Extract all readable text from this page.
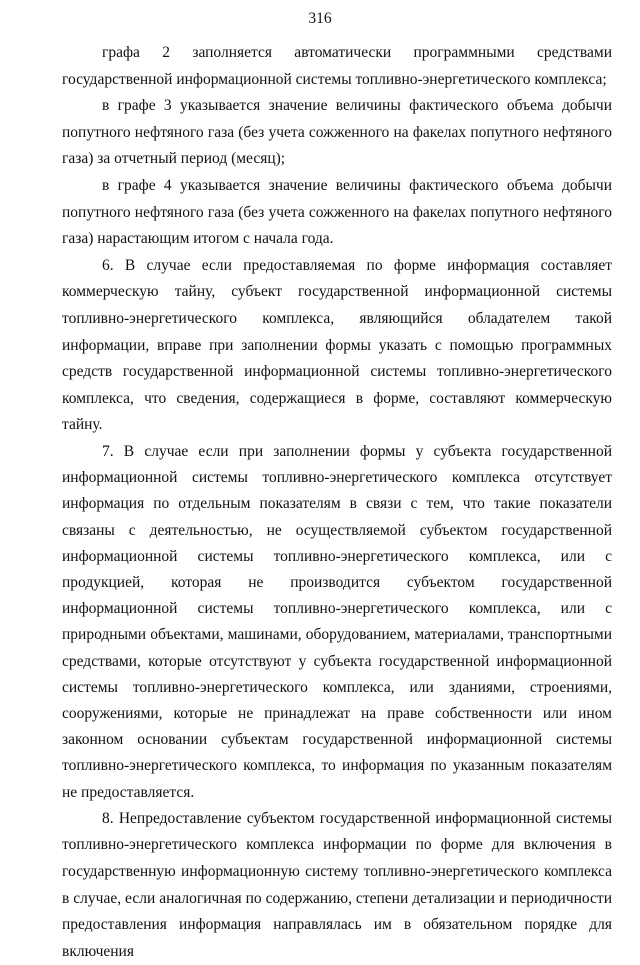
316

графа 2 заполняется автоматически программными средствами государственной информационной системы топливно-энергетического комплекса;

в графе 3 указывается значение величины фактического объема добычи попутного нефтяного газа (без учета сожженного на факелах попутного нефтяного газа) за отчетный период (месяц);

в графе 4 указывается значение величины фактического объема добычи попутного нефтяного газа (без учета сожженного на факелах попутного нефтяного газа) нарастающим итогом с начала года.

6. В случае если предоставляемая по форме информация составляет коммерческую тайну, субъект государственной информационной системы топливно-энергетического комплекса, являющийся обладателем такой информации, вправе при заполнении формы указать с помощью программных средств государственной информационной системы топливно-энергетического комплекса, что сведения, содержащиеся в форме, составляют коммерческую тайну.

7. В случае если при заполнении формы у субъекта государственной информационной системы топливно-энергетического комплекса отсутствует информация по отдельным показателям в связи с тем, что такие показатели связаны с деятельностью, не осуществляемой субъектом государственной информационной системы топливно-энергетического комплекса, или с продукцией, которая не производится субъектом государственной информационной системы топливно-энергетического комплекса, или с природными объектами, машинами, оборудованием, материалами, транспортными средствами, которые отсутствуют у субъекта государственной информационной системы топливно-энергетического комплекса, или зданиями, строениями, сооружениями, которые не принадлежат на праве собственности или ином законном основании субъектам государственной информационной системы топливно-энергетического комплекса, то информация по указанным показателям не предоставляется.

8. Непредоставление субъектом государственной информационной системы топливно-энергетического комплекса информации по форме для включения в государственную информационную систему топливно-энергетического комплекса в случае, если аналогичная по содержанию, степени детализации и периодичности предоставления информация направлялась им в обязательном порядке для включения
